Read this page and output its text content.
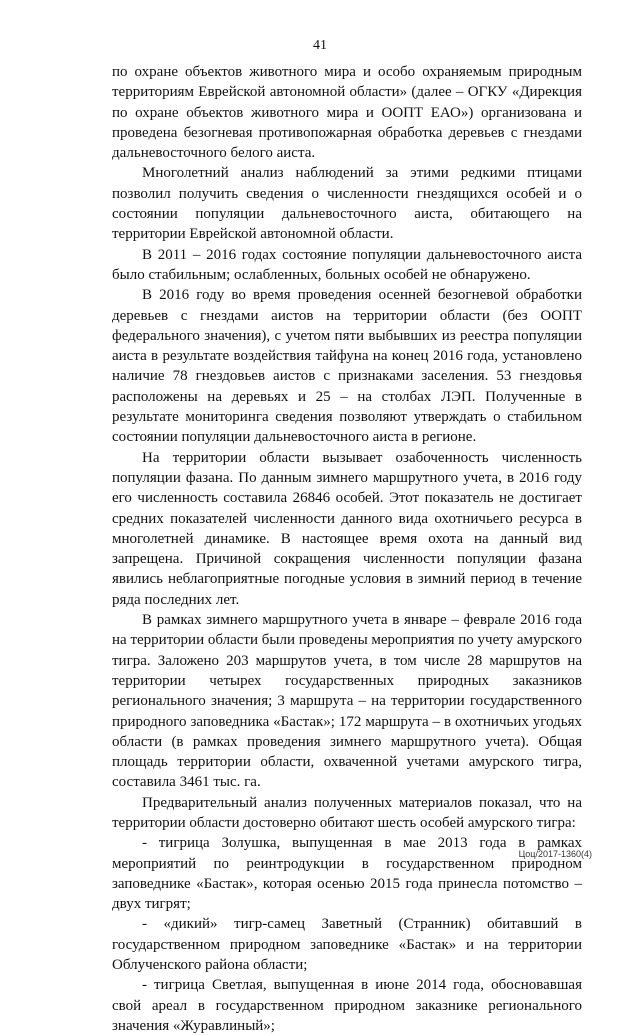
41

по охране объектов животного мира и особо охраняемым природным территориям Еврейской автономной области» (далее – ОГКУ «Дирекция по охране объектов животного мира и ООПТ ЕАО») организована и проведена безогневая противопожарная обработка деревьев с гнездами дальневосточного белого аиста.

Многолетний анализ наблюдений за этими редкими птицами позволил получить сведения о численности гнездящихся особей и о состоянии популяции дальневосточного аиста, обитающего на территории Еврейской автономной области.

В 2011 – 2016 годах состояние популяции дальневосточного аиста было стабильным; ослабленных, больных особей не обнаружено.

В 2016 году во время проведения осенней безогневой обработки деревьев с гнездами аистов на территории области (без ООПТ федерального значения), с учетом пяти выбывших из реестра популяции аиста в результате воздействия тайфуна на конец 2016 года, установлено наличие 78 гнездовьев аистов с признаками заселения. 53 гнездовья расположены на деревьях и 25 – на столбах ЛЭП. Полученные в результате мониторинга сведения позволяют утверждать о стабильном состоянии популяции дальневосточного аиста в регионе.

На территории области вызывает озабоченность численность популяции фазана. По данным зимнего маршрутного учета, в 2016 году его численность составила 26846 особей. Этот показатель не достигает средних показателей численности данного вида охотничьего ресурса в многолетней динамике. В настоящее время охота на данный вид запрещена. Причиной сокращения численности популяции фазана явились неблагоприятные погодные условия в зимний период в течение ряда последних лет.

В рамках зимнего маршрутного учета в январе – феврале 2016 года на территории области были проведены мероприятия по учету амурского тигра. Заложено 203 маршрутов учета, в том числе 28 маршрутов на территории четырех государственных природных заказников регионального значения; 3 маршрута – на территории государственного природного заповедника «Бастак»; 172 маршрута – в охотничьих угодьях области (в рамках проведения зимнего маршрутного учета). Общая площадь территории области, охваченной учетами амурского тигра, составила 3461 тыс. га.

Предварительный анализ полученных материалов показал, что на территории области достоверно обитают шесть особей амурского тигра:

- тигрица Золушка, выпущенная в мае 2013 года в рамках мероприятий по реинтродукции в государственном природном заповеднике «Бастак», которая осенью 2015 года принесла потомство – двух тигрят;

- «дикий» тигр-самец Заветный (Странник) обитавший в государственном природном заповеднике «Бастак» и на территории Облученского района области;

- тигрица Светлая, выпущенная в июне 2014 года, обосновавшая свой ареал в государственном природном заказнике регионального значения «Журавлиный»;

Цоц/2017-1360(4)
